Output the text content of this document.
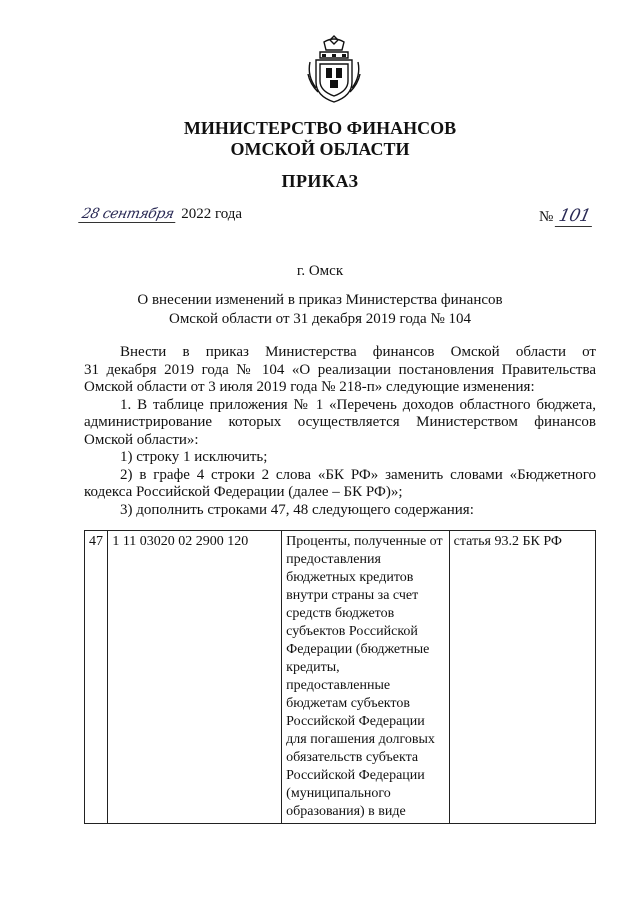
МИНИСТЕРСТВО ФИНАНСОВ
ОМСКОЙ ОБЛАСТИ
ПРИКАЗ
28 сентября 2022 года	№ 101
г. Омск
О внесении изменений в приказ Министерства финансов
Омской области от 31 декабря 2019 года № 104

Внести в приказ Министерства финансов Омской области от

31 декабря 2019 года № 104 «О реализации постановления Правительства

Омской области от 3 июля 2019 года № 218-п» следующие изменения:

1. В таблице приложения № 1 «Перечень доходов областного бюджета,

администрирование которых осуществляется Министерством финансов

Омской области»:

1) строку 1 исключить;

2) в графе 4 строки 2 слова «БК РФ» заменить словами «Бюджетного

кодекса Российской Федерации (далее – БК РФ)»;

3) дополнить строками 47, 48 следующего содержания:

47	1 11 03020 02 2900 120	Проценты, полученные от предоставления бюджетных кредитов внутри страны за счет средств бюджетов субъектов Российской Федерации (бюджетные кредиты, предоставленные бюджетам субъектов Российской Федерации для погашения долговых обязательств субъекта Российской Федерации (муниципального образования) в виде	статья 93.2 БК РФ
